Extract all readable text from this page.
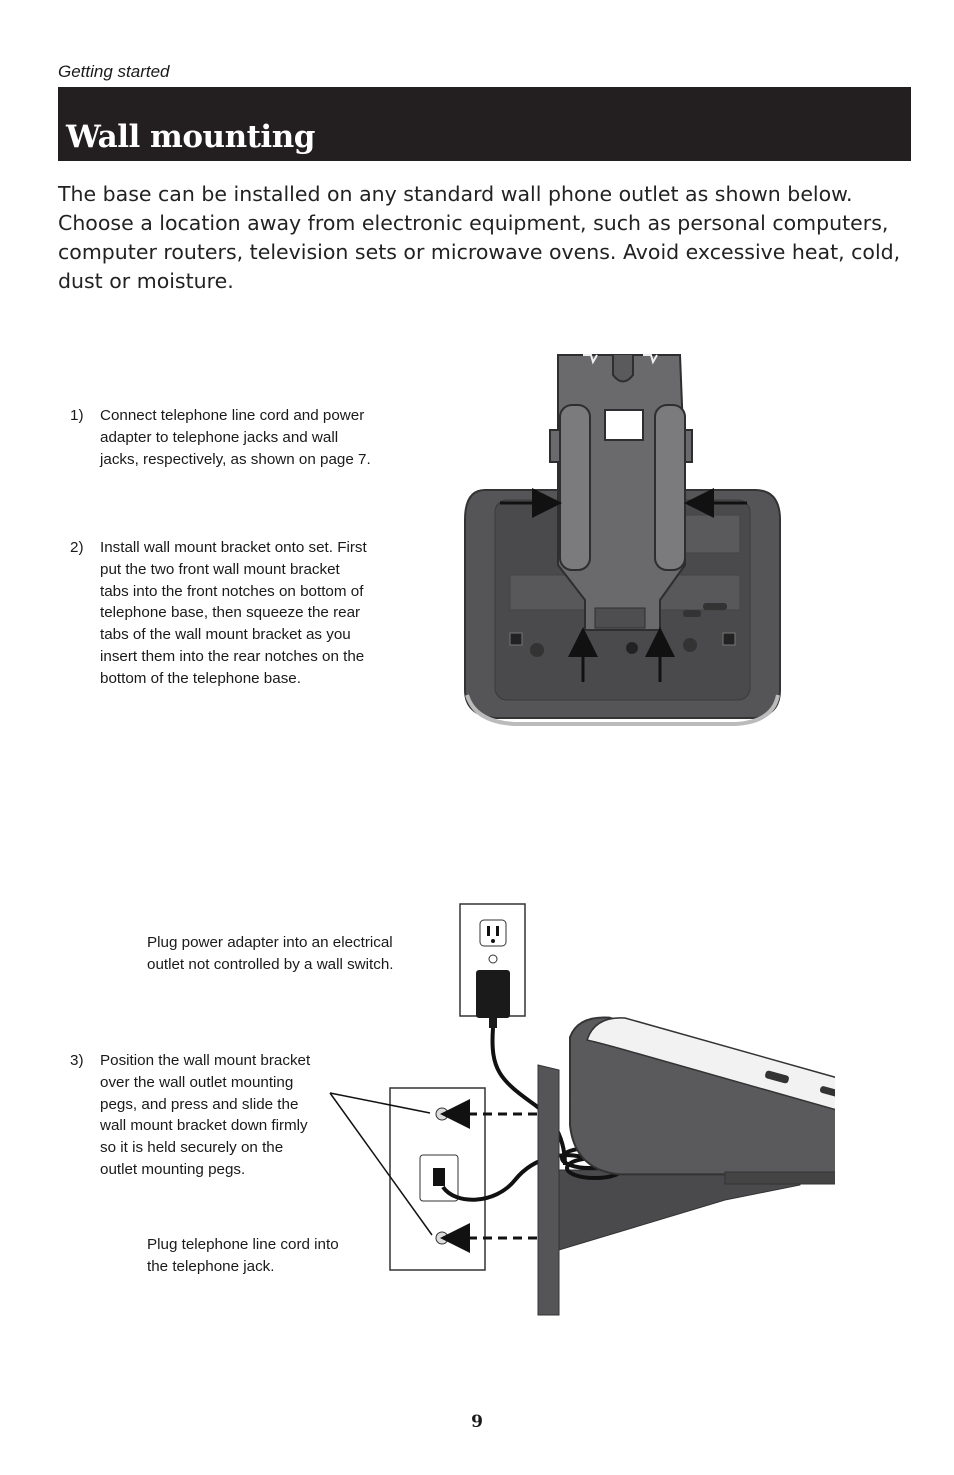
Getting started
Wall mounting

The base can be installed on any standard wall phone outlet as shown below. Choose a location away from electronic equipment, such as personal computers, computer routers, television sets or microwave ovens. Avoid excessive heat, cold, dust or moisture.

1) Connect telephone line cord and power adapter to telephone jacks and wall jacks, respectively, as shown on page 7.
2) Install wall mount bracket onto set. First put the two front wall mount bracket tabs into the front notches on bottom of telephone base, then squeeze the rear tabs of the wall mount bracket as you insert them into the rear notches on the bottom of the telephone base.
3) Position the wall mount bracket over the wall outlet mounting pegs, and press and slide the wall mount bracket down firmly so it is held securely on the outlet mounting pegs.
Plug power adapter into an electrical outlet not controlled by a wall switch.
Plug telephone line cord into the telephone jack.
9
